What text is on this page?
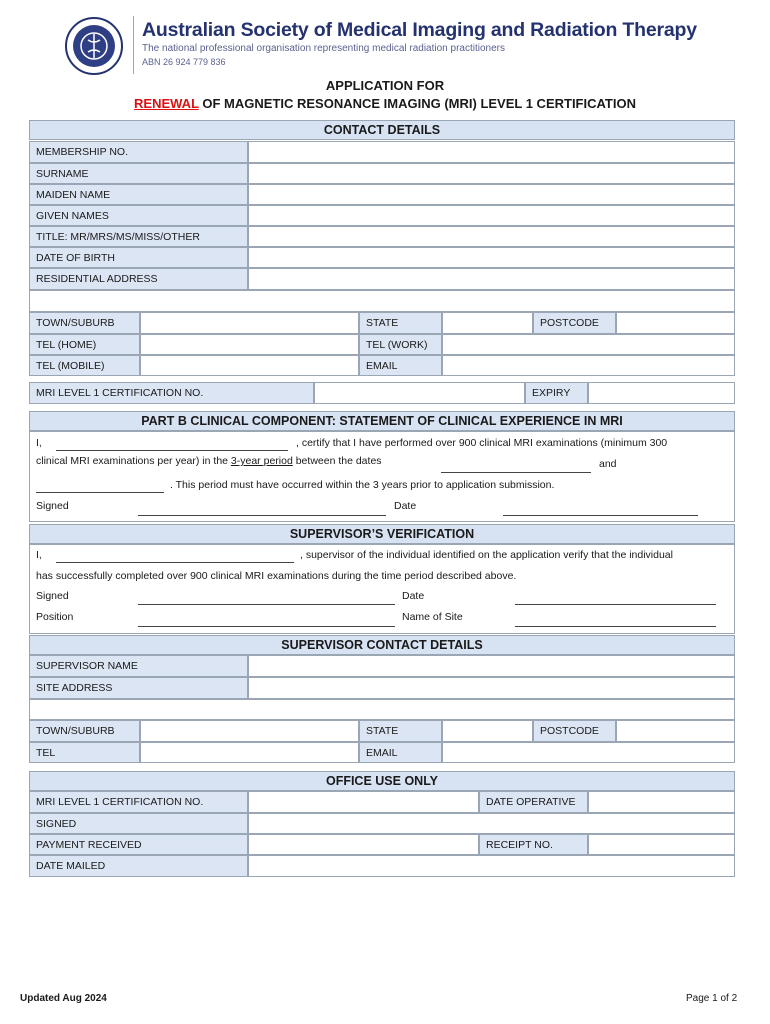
Australian Society of Medical Imaging and Radiation Therapy
The national professional organisation representing medical radiation practitioners
ABN 26 924 779 836
APPLICATION FOR
RENEWAL OF MAGNETIC RESONANCE IMAGING (MRI) LEVEL 1 CERTIFICATION
CONTACT DETAILS
MEMBERSHIP NO.
SURNAME
MAIDEN NAME
GIVEN NAMES
TITLE: MR/MRS/MS/MISS/OTHER
DATE OF BIRTH
RESIDENTIAL ADDRESS
TOWN/SUBURB	STATE	POSTCODE
TEL (HOME)	TEL (WORK)
TEL (MOBILE)	EMAIL
MRI LEVEL 1 CERTIFICATION NO.	EXPIRY
PART B CLINICAL COMPONENT: STATEMENT OF CLINICAL EXPERIENCE IN MRI
I,	, certify that I have performed over 900 clinical MRI examinations (minimum 300
clinical MRI examinations per year) in the 3-year period between the dates	and
. This period must have occurred within the 3 years prior to application submission.
Signed	Date
SUPERVISOR’S VERIFICATION
I,	, supervisor of the individual identified on the application verify that the individual
has successfully completed over 900 clinical MRI examinations during the time period described above.
Signed	Date
Position	Name of Site
SUPERVISOR CONTACT DETAILS
SUPERVISOR NAME
SITE ADDRESS
TOWN/SUBURB	STATE	POSTCODE
TEL	EMAIL
OFFICE USE ONLY
MRI LEVEL 1 CERTIFICATION NO.	DATE OPERATIVE
SIGNED
PAYMENT RECEIVED	RECEIPT NO.
DATE MAILED
Updated Aug 2024	Page 1 of 2
